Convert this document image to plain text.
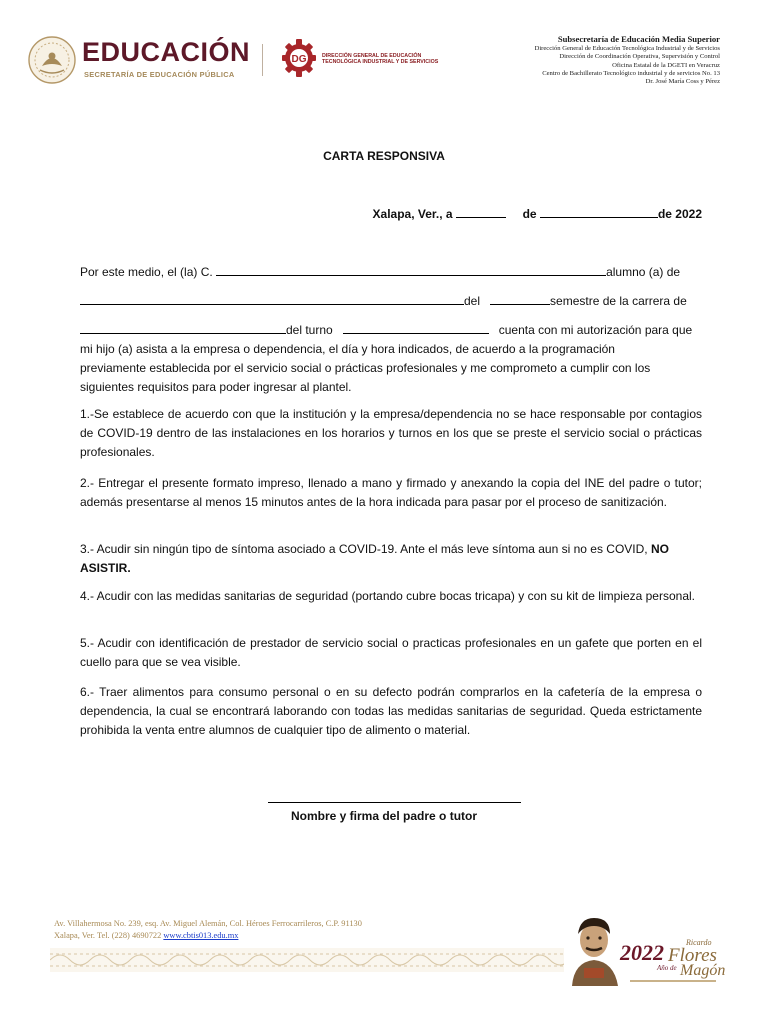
EDUCACIÓN
SECRETARÍA DE EDUCACIÓN PÚBLICA
DG	DIRECCIÓN GENERAL DE EDUCACIÓN
TECNOLÓGICA INDUSTRIAL Y DE SERVICIOS
Subsecretaría de Educación Media Superior
Dirección General de Educación Tecnológica Industrial y de Servicios
Dirección de Coordinación Operativa, Supervisión y Control
Oficina Estatal de la DGETI en Veracruz
Centro de Bachillerato Tecnológico industrial y de servicios No. 13
Dr. José María Coss y Pérez
CARTA RESPONSIVA
Xalapa, Ver., a	de	de 2022
Por este medio, el (la) C.	alumno (a) de
del	semestre de la carrera de
del turno	cuenta con mi autorización para que
mi hijo (a) asista a la empresa o dependencia, el día y hora indicados, de acuerdo a la programación
previamente establecida por el servicio social o prácticas profesionales y me comprometo a cumplir con los
siguientes requisitos para poder ingresar al plantel.
1.-Se establece de acuerdo con que la institución y la empresa/dependencia no se hace responsable por contagios de COVID-19 dentro de las instalaciones en los horarios y turnos en los que se preste el servicio social o prácticas profesionales.
2.- Entregar el presente formato impreso, llenado a mano y firmado y anexando la copia del INE del padre o tutor; además presentarse al menos 15 minutos antes de la hora indicada para pasar por el proceso de sanitización.
3.- Acudir sin ningún tipo de síntoma asociado a COVID-19. Ante el más leve síntoma aun si no es COVID, NO ASISTIR.
4.- Acudir con las medidas sanitarias de seguridad (portando cubre bocas tricapa) y con su kit de limpieza personal.
5.- Acudir con identificación de prestador de servicio social o practicas profesionales en un gafete que porten en el cuello para que se vea visible.
6.- Traer alimentos para consumo personal o en su defecto podrán comprarlos en la cafetería de la empresa o dependencia, la cual se encontrará laborando con todas las medidas sanitarias de seguridad. Queda estrictamente prohibida la venta entre alumnos de cualquier tipo de alimento o material.
Nombre y firma del padre o tutor
Av. Villahermosa No. 239, esq. Av. Miguel Alemán, Col. Héroes Ferrocarrileros, C.P. 91130
Xalapa, Ver. Tel. (228) 4690722 www.cbtis013.edu.mx
2022
Año de
Ricardo
Flores
Magón
